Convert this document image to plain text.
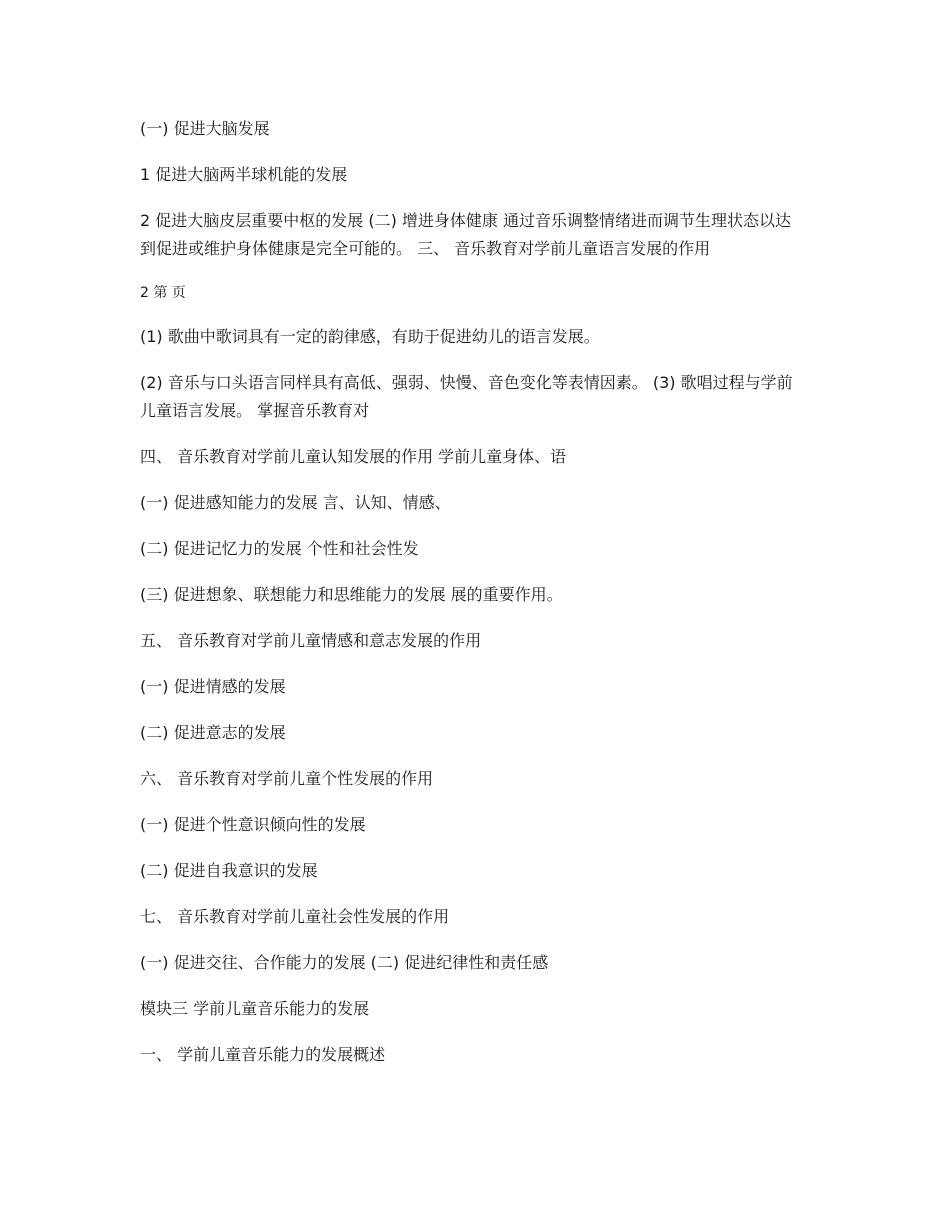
(一) 促进大脑发展

1 促进大脑两半球机能的发展

2 促进大脑皮层重要中枢的发展 (二) 增进身体健康 通过音乐调整情绪进而调节生理状态以达到促进或维护身体健康是完全可能的。 三、 音乐教育对学前儿童语言发展的作用

2 第 页

(1) 歌曲中歌词具有一定的韵律感，有助于促进幼儿的语言发展。

(2) 音乐与口头语言同样具有高低、强弱、快慢、音色变化等表情因素。 (3) 歌唱过程与学前儿童语言发展。 掌握音乐教育对

四、 音乐教育对学前儿童认知发展的作用 学前儿童身体、语

(一) 促进感知能力的发展 言、认知、情感、

(二) 促进记忆力的发展 个性和社会性发

(三) 促进想象、联想能力和思维能力的发展 展的重要作用。

五、 音乐教育对学前儿童情感和意志发展的作用

(一) 促进情感的发展

(二) 促进意志的发展

六、 音乐教育对学前儿童个性发展的作用

(一) 促进个性意识倾向性的发展

(二) 促进自我意识的发展

七、 音乐教育对学前儿童社会性发展的作用

(一) 促进交往、合作能力的发展 (二) 促进纪律性和责任感

模块三 学前儿童音乐能力的发展

一、 学前儿童音乐能力的发展概述
